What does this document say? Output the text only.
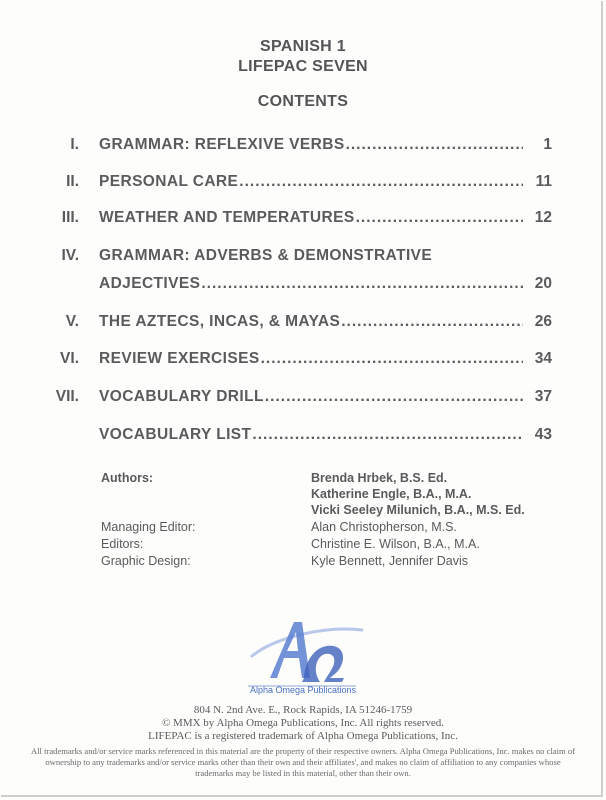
SPANISH 1
LIFEPAC SEVEN
CONTENTS
I. GRAMMAR: REFLEXIVE VERBS .....	1
II. PERSONAL CARE .....	11
III. WEATHER AND TEMPERATURES .....	12
IV. GRAMMAR: ADVERBS & DEMONSTRATIVE
ADJECTIVES .....	20
V. THE AZTECS, INCAS, & MAYAS .....	26
VI. REVIEW EXERCISES .....	34
VII. VOCABULARY DRILL .....	37
VOCABULARY LIST .....	43
Authors:	Brenda Hrbek, B.S. Ed.
Katherine Engle, B.A., M.A.
Vicki Seeley Milunich, B.A., M.S. Ed.
Managing Editor:	Alan Christopherson, M.S.
Editors:	Christine E. Wilson, B.A., M.A.
Graphic Design:	Kyle Bennett, Jennifer Davis
Alpha Omega Publications
804 N. 2nd Ave. E., Rock Rapids, IA 51246-1759
© MMX by Alpha Omega Publications, Inc. All rights reserved.
LIFEPAC is a registered trademark of Alpha Omega Publications, Inc.
All trademarks and/or service marks referenced in this material are the property of their respective owners. Alpha Omega Publications, Inc. makes no claim of ownership to any trademarks and/or service marks other than their own and their affiliates', and makes no claim of affiliation to any companies whose trademarks may be listed in this material, other than their own.
